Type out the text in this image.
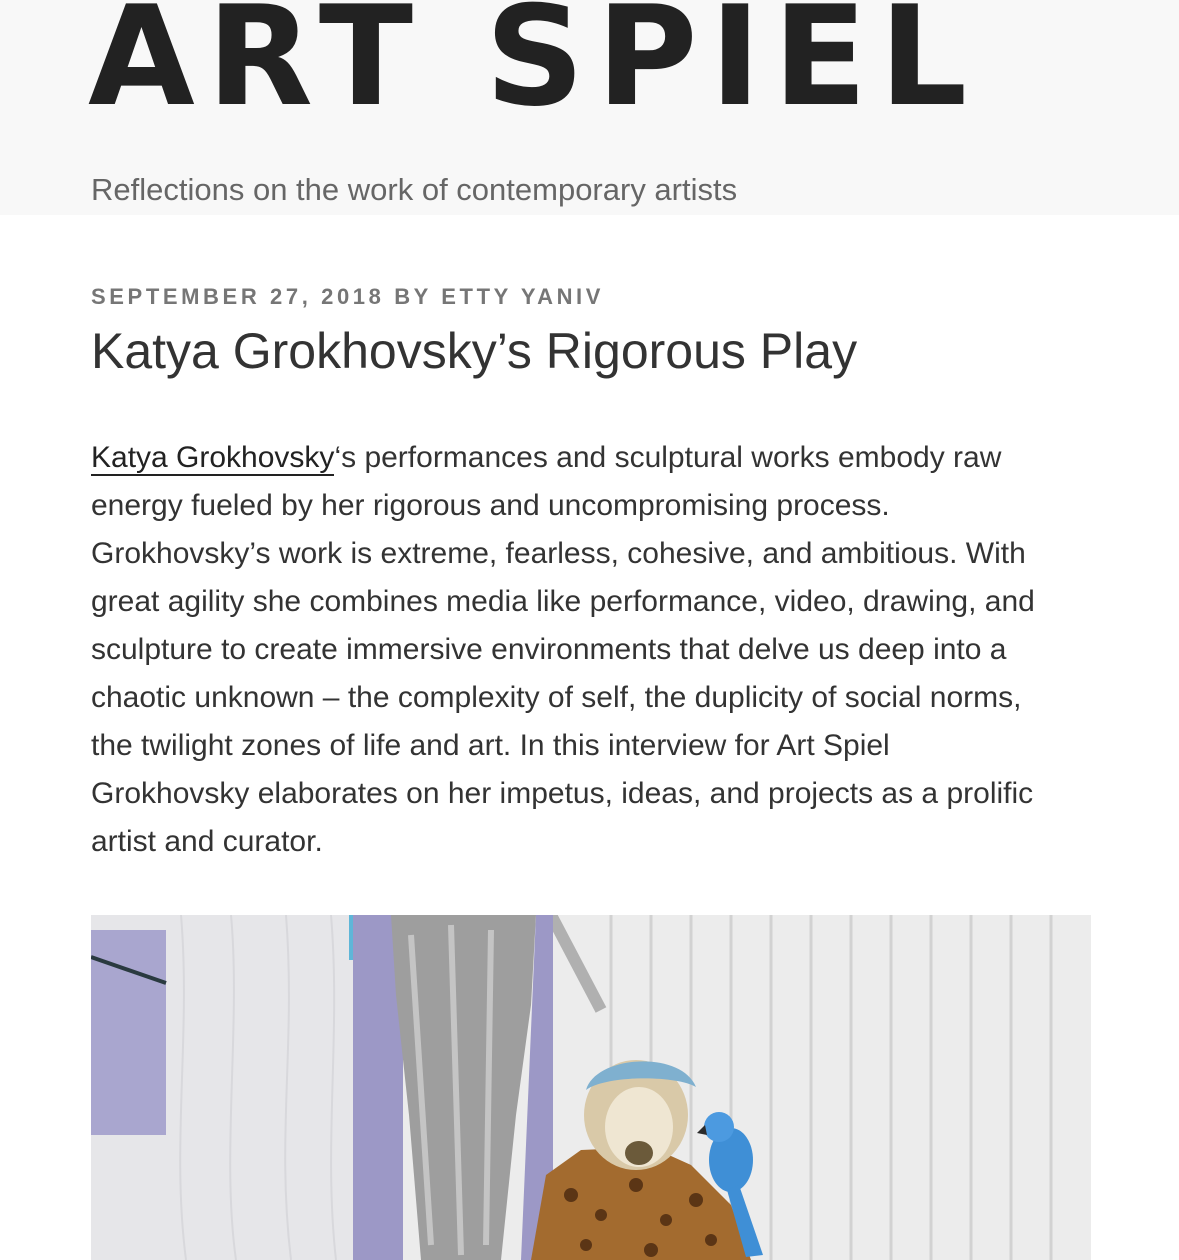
ART SPIEL

Reflections on the work of contemporary artists

SEPTEMBER 27, 2018 BY ETTY YANIV
Katya Grokhovsky’s Rigorous Play
Katya Grokhovsky‘s performances and sculptural works embody raw
energy fueled by her rigorous and uncompromising process.
Grokhovsky’s work is extreme, fearless, cohesive, and ambitious. With
great agility she combines media like performance, video, drawing, and
sculpture to create immersive environments that delve us deep into a
chaotic unknown – the complexity of self, the duplicity of social norms,
the twilight zones of life and art. In this interview for Art Spiel
Grokhovsky elaborates on her impetus, ideas, and projects as a prolific
artist and curator.
